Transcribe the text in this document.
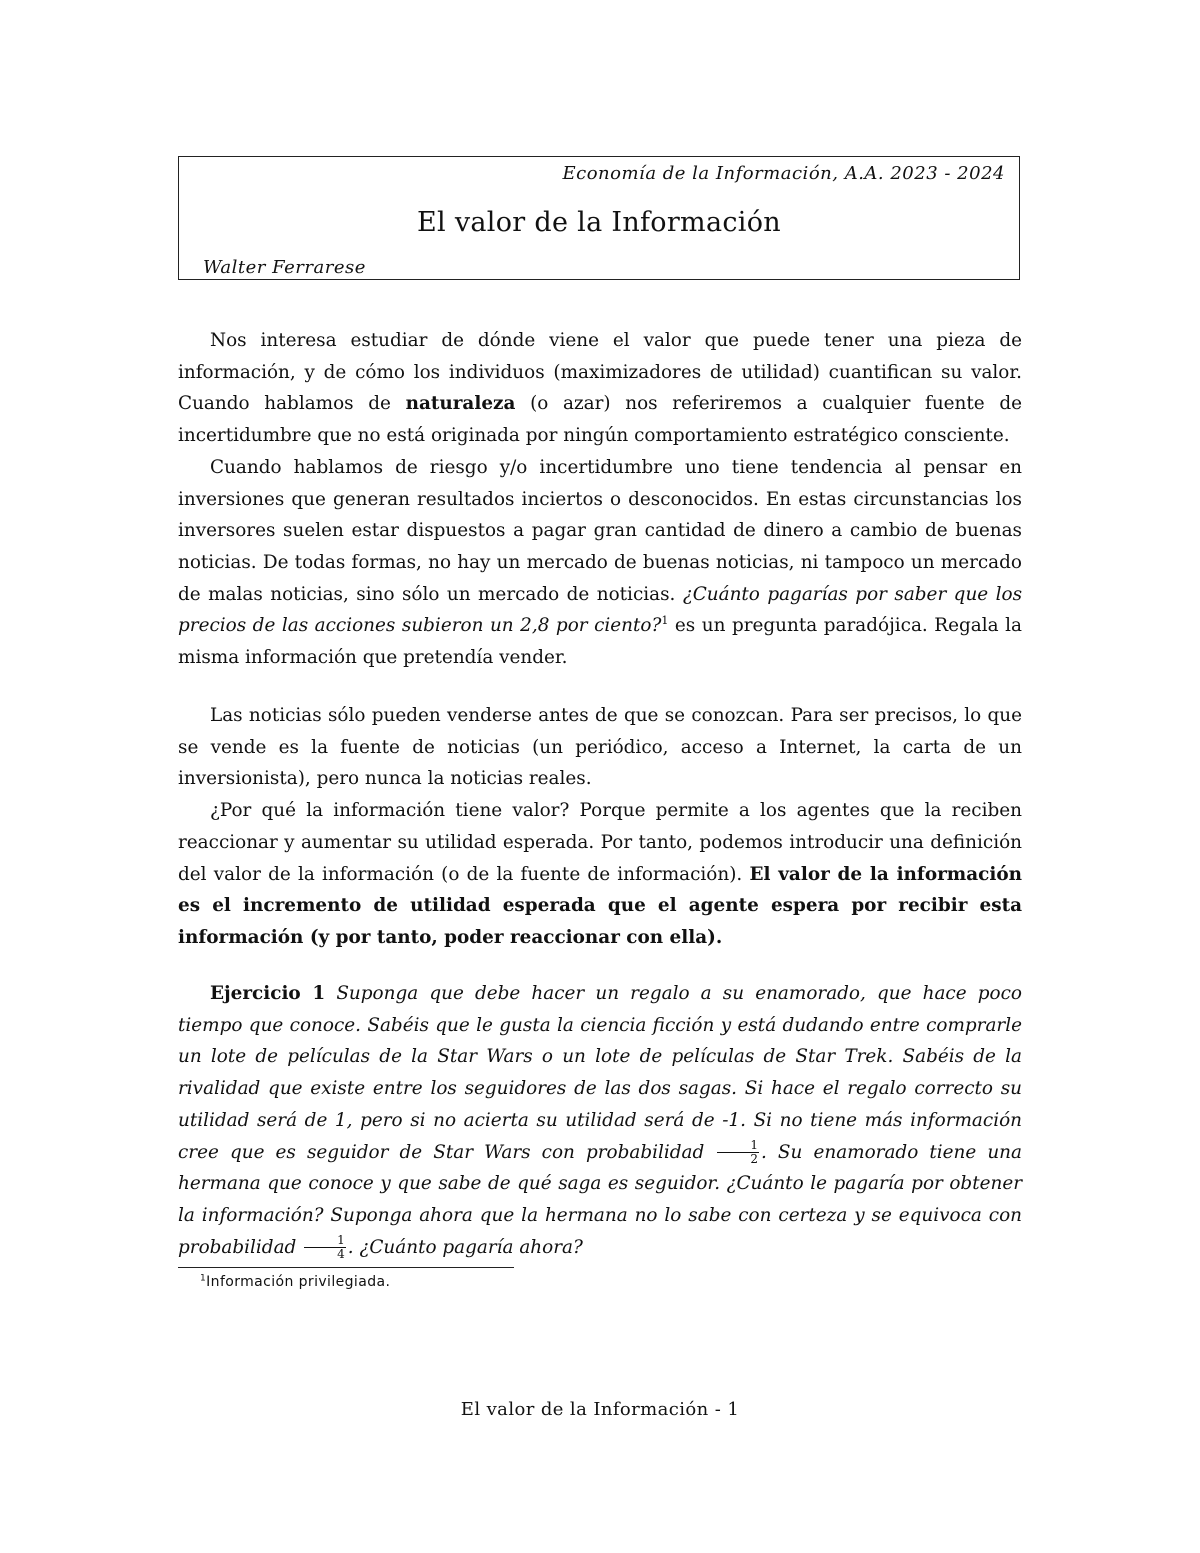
Economía de la Información, A.A. 2023 - 2024
El valor de la Información
Walter Ferrarese

Nos interesa estudiar de dónde viene el valor que puede tener una pieza de información, y de cómo los individuos (maximizadores de utilidad) cuantifican su valor. Cuando hablamos de naturaleza (o azar) nos referiremos a cualquier fuente de incertidumbre que no está originada por ningún comportamiento estratégico consciente.

Cuando hablamos de riesgo y/o incertidumbre uno tiene tendencia al pensar en inversiones que generan resultados inciertos o desconocidos. En estas circunstancias los inversores suelen estar dispuestos a pagar gran cantidad de dinero a cambio de buenas noticias. De todas formas, no hay un mercado de buenas noticias, ni tampoco un mercado de malas noticias, sino sólo un mercado de noticias. ¿Cuánto pagarías por saber que los precios de las acciones subieron un 2,8 por ciento?$^1$ es un pregunta paradójica. Regala la misma información que pretendía vender.

Las noticias sólo pueden venderse antes de que se conozcan. Para ser precisos, lo que se vende es la fuente de noticias (un periódico, acceso a Internet, la carta de un inversionista), pero nunca la noticias reales.

¿Por qué la información tiene valor? Porque permite a los agentes que la reciben reaccionar y aumentar su utilidad esperada. Por tanto, podemos introducir una definición del valor de la información (o de la fuente de información). El valor de la información es el incremento de utilidad esperada que el agente espera por recibir esta información (y por tanto, poder reaccionar con ella).

Ejercicio 1 Suponga que debe hacer un regalo a su enamorado, que hace poco tiempo que conoce. Sabéis que le gusta la ciencia ficción y está dudando entre comprarle un lote de películas de la Star Wars o un lote de películas de Star Trek. Sabéis de la rivalidad que existe entre los seguidores de las dos sagas. Si hace el regalo correcto su utilidad será de 1, pero si no acierta su utilidad será de -1. Si no tiene más información cree que es seguidor de Star Wars con probabilidad $\frac{1}{2}$ . Su enamorado tiene una hermana que conoce y que sabe de qué saga es seguidor. ¿Cuánto le pagaría por obtener la información? Suponga ahora que la hermana no lo sabe con certeza y se equivoca con probabilidad $\frac{1}{4}$ . ¿Cuánto pagaría ahora?

$^1$Información privilegiada.
El valor de la Información - 1
